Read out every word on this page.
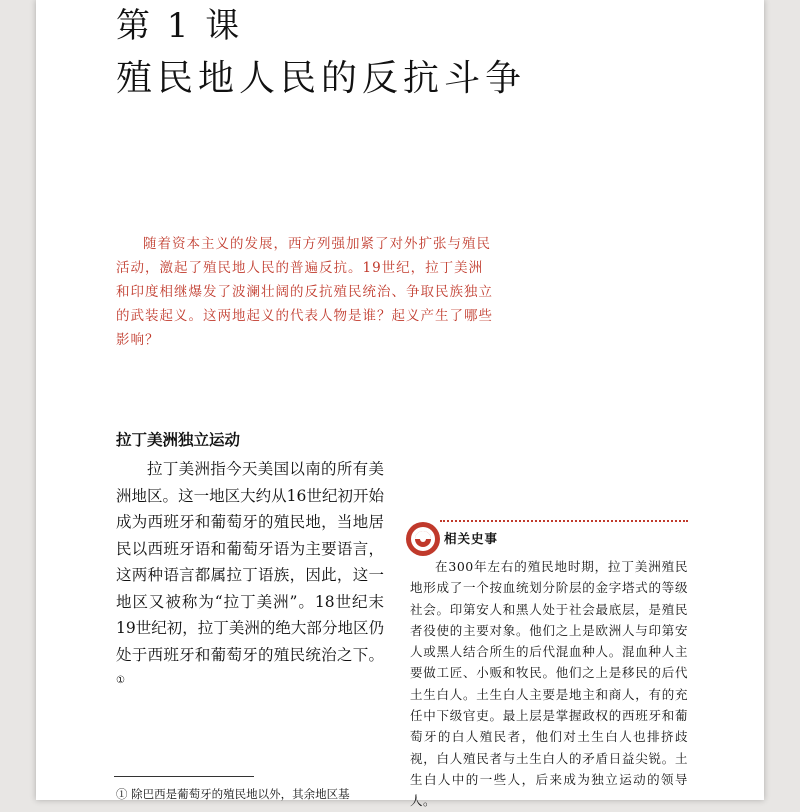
第 1 课
殖民地人民的反抗斗争

随着资本主义的发展，西方列强加紧了对外扩张与殖民活动，激起了殖民地人民的普遍反抗。19世纪，拉丁美洲和印度相继爆发了波澜壮阔的反抗殖民统治、争取民族独立的武装起义。这两地起义的代表人物是谁？起义产生了哪些影响？

拉丁美洲独立运动

拉丁美洲指今天美国以南的所有美洲地区。这一地区大约从16世纪初开始成为西班牙和葡萄牙的殖民地，当地居民以西班牙语和葡萄牙语为主要语言，这两种语言都属拉丁语族，因此，这一地区又被称为“拉丁美洲”。18世纪末19世纪初，拉丁美洲的绝大部分地区仍处于西班牙和葡萄牙的殖民统治之下。①

① 除巴西是葡萄牙的殖民地以外，其余地区基
相关史事

在300年左右的殖民地时期，拉丁美洲殖民地形成了一个按血统划分阶层的金字塔式的等级社会。印第安人和黑人处于社会最底层，是殖民者役使的主要对象。他们之上是欧洲人与印第安人或黑人结合所生的后代混血种人。混血种人主要做工匠、小贩和牧民。他们之上是移民的后代土生白人。土生白人主要是地主和商人，有的充任中下级官吏。最上层是掌握政权的西班牙和葡萄牙的白人殖民者，他们对土生白人也排挤歧视，白人殖民者与土生白人的矛盾日益尖锐。土生白人中的一些人，后来成为独立运动的领导人。
